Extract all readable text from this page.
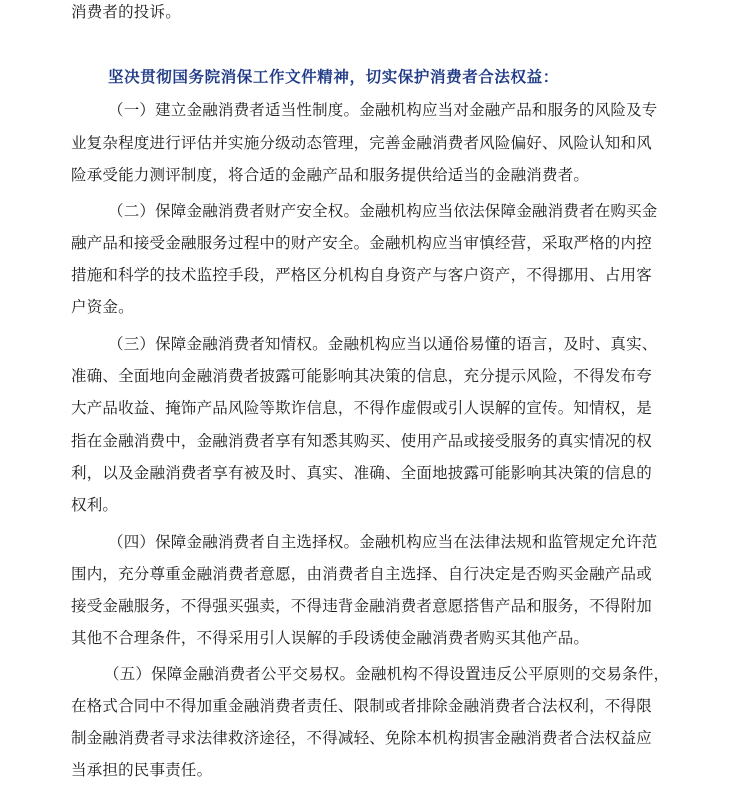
消费者的投诉。
坚决贯彻国务院消保工作文件精神，切实保护消费者合法权益：
（一）建立金融消费者适当性制度。金融机构应当对金融产品和服务的风险及专
业复杂程度进行评估并实施分级动态管理，完善金融消费者风险偏好、风险认知和风
险承受能力测评制度，将合适的金融产品和服务提供给适当的金融消费者。
（二）保障金融消费者财产安全权。金融机构应当依法保障金融消费者在购买金
融产品和接受金融服务过程中的财产安全。金融机构应当审慎经营，采取严格的内控
措施和科学的技术监控手段，严格区分机构自身资产与客户资产，不得挪用、占用客
户资金。
（三）保障金融消费者知情权。金融机构应当以通俗易懂的语言，及时、真实、
准确、全面地向金融消费者披露可能影响其决策的信息，充分提示风险，不得发布夸
大产品收益、掩饰产品风险等欺诈信息，不得作虚假或引人误解的宣传。知情权，是
指在金融消费中，金融消费者享有知悉其购买、使用产品或接受服务的真实情况的权
利，以及金融消费者享有被及时、真实、准确、全面地披露可能影响其决策的信息的
权利。
（四）保障金融消费者自主选择权。金融机构应当在法律法规和监管规定允许范
围内，充分尊重金融消费者意愿，由消费者自主选择、自行决定是否购买金融产品或
接受金融服务，不得强买强卖，不得违背金融消费者意愿搭售产品和服务，不得附加
其他不合理条件，不得采用引人误解的手段诱使金融消费者购买其他产品。
（五）保障金融消费者公平交易权。金融机构不得设置违反公平原则的交易条件，
在格式合同中不得加重金融消费者责任、限制或者排除金融消费者合法权利，不得限
制金融消费者寻求法律救济途径，不得减轻、免除本机构损害金融消费者合法权益应
当承担的民事责任。
